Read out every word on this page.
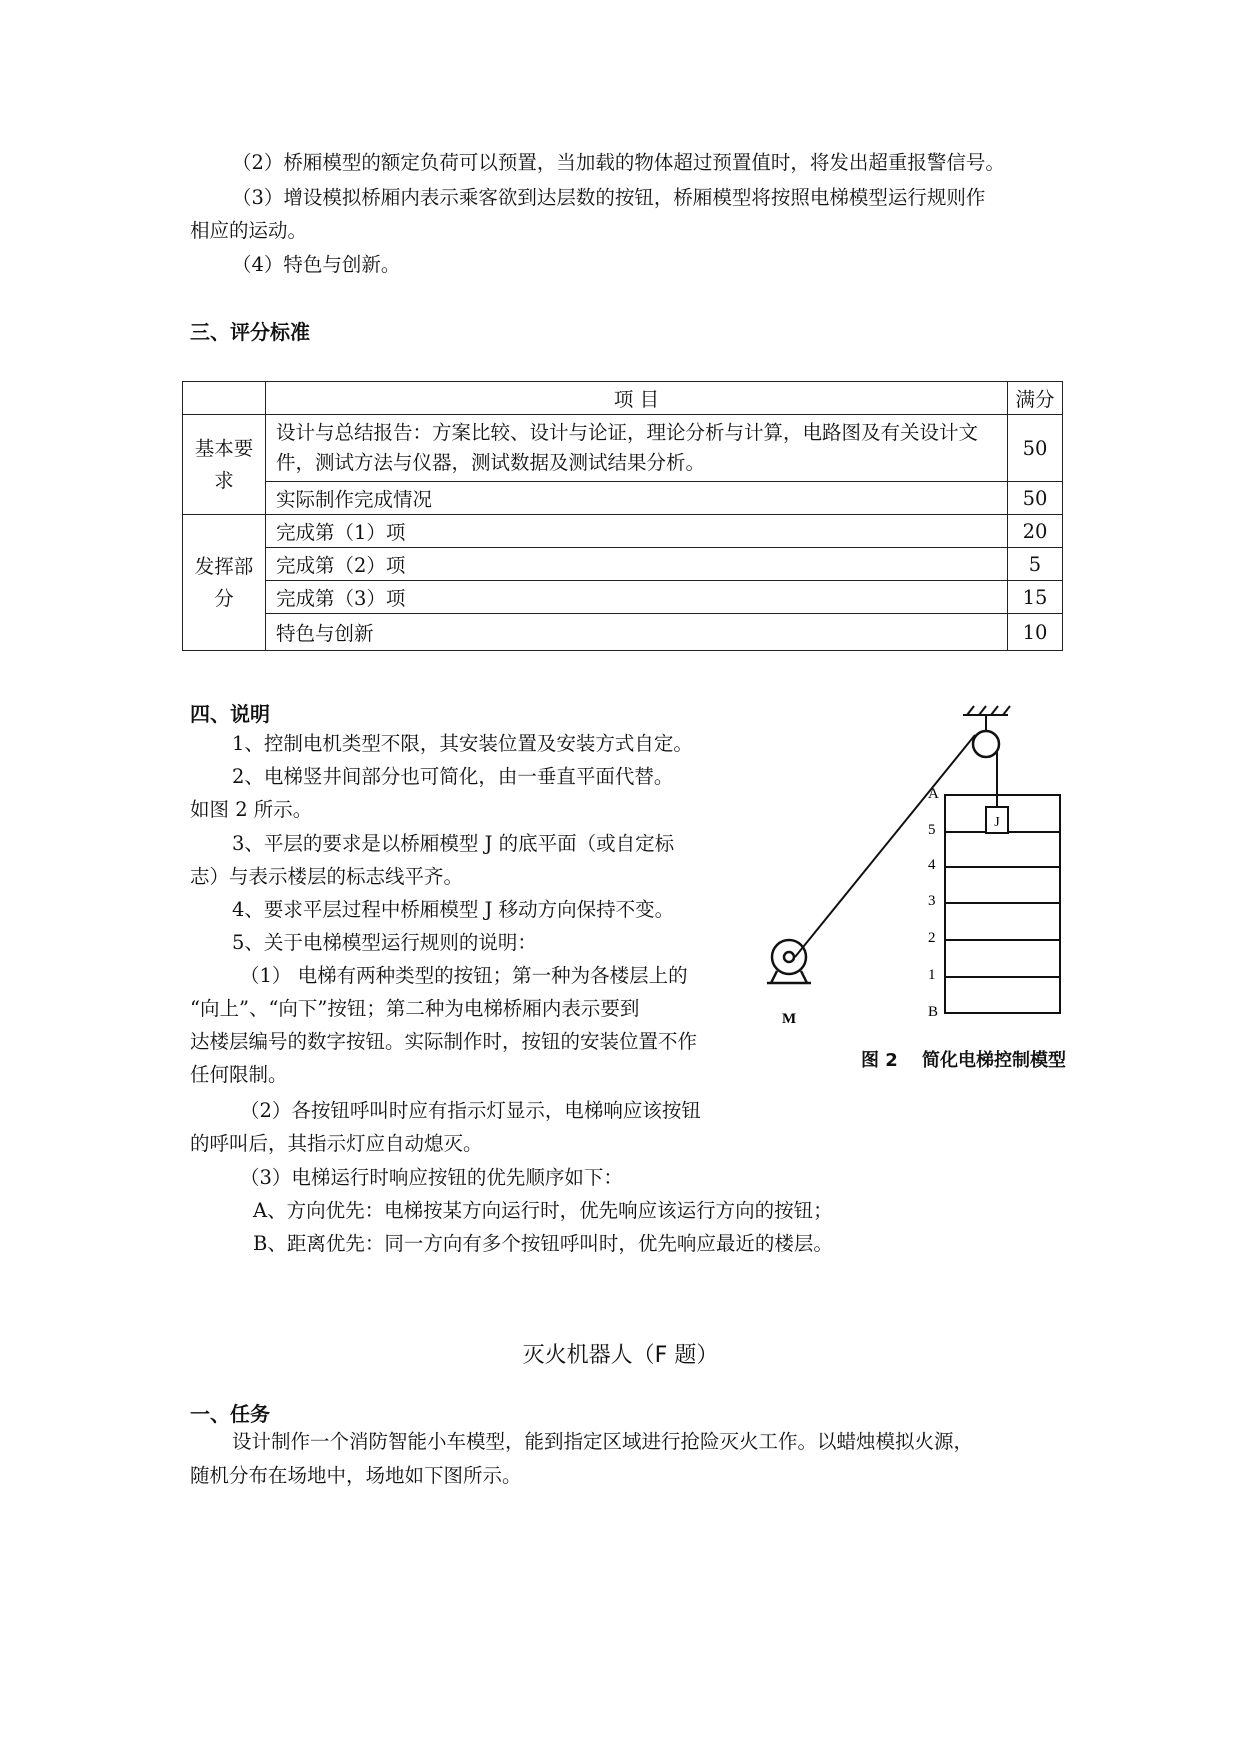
（2）桥厢模型的额定负荷可以预置，当加载的物体超过预置值时，将发出超重报警信号。
（3）增设模拟桥厢内表示乘客欲到达层数的按钮，桥厢模型将按照电梯模型运行规则作
相应的运动。
（4）特色与创新。
三、评分标准
	项 目	满分
基本要求	设计与总结报告：方案比较、设计与论证，理论分析与计算，电路图及有关设计文件，测试方法与仪器，测试数据及测试结果分析。	50
	实际制作完成情况	50
发挥部分	完成第（1）项	20
	完成第（2）项	5
	完成第（3）项	15
	特色与创新	10
四、说明
1、控制电机类型不限，其安装位置及安装方式自定。
2、电梯竖井间部分也可简化，由一垂直平面代替。
如图 2 所示。
3、平层的要求是以桥厢模型 J 的底平面（或自定标
志）与表示楼层的标志线平齐。
4、要求平层过程中桥厢模型 J 移动方向保持不变。
5、关于电梯模型运行规则的说明：
（1） 电梯有两种类型的按钮；第一种为各楼层上的
“向上”、“向下”按钮；第二种为电梯桥厢内表示要到
达楼层编号的数字按钮。实际制作时，按钮的安装位置不作
任何限制。
（2）各按钮呼叫时应有指示灯显示，电梯响应该按钮
的呼叫后，其指示灯应自动熄灭。
（3）电梯运行时响应按钮的优先顺序如下：
A、方向优先：电梯按某方向运行时，优先响应该运行方向的按钮；
B、距离优先：同一方向有多个按钮呼叫时，优先响应最近的楼层。
J
A
5
4
3
2
1
B
M
图 2　 简化电梯控制模型
灭火机器人（F 题）
一、任务
设计制作一个消防智能小车模型，能到指定区域进行抢险灭火工作。以蜡烛模拟火源，
随机分布在场地中，场地如下图所示。
